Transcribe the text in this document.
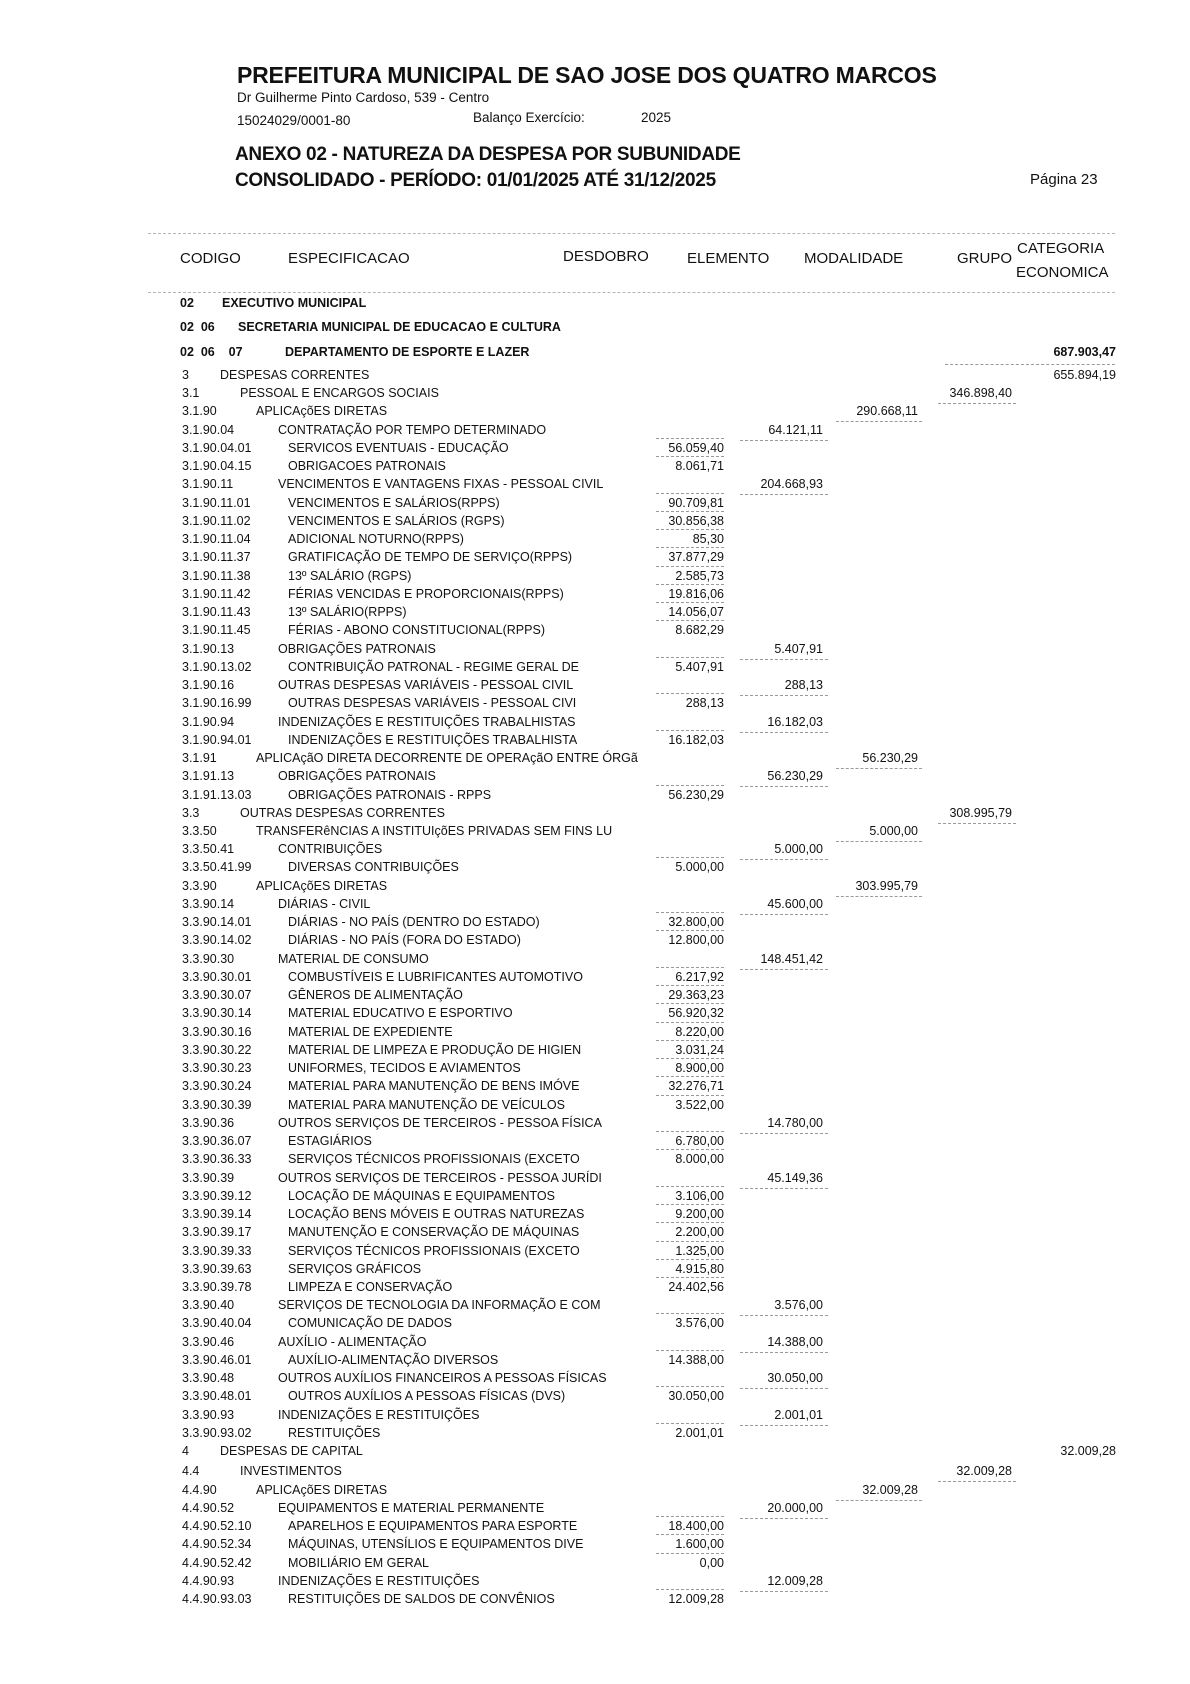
PREFEITURA MUNICIPAL DE SAO JOSE DOS QUATRO MARCOS
Dr Guilherme Pinto Cardoso, 539 - Centro
15024029/0001-80	Balanço Exercício:	2025
ANEXO 02 - NATUREZA DA DESPESA POR SUBUNIDADE
CONSOLIDADO - PERÍODO: 01/01/2025 ATÉ 31/12/2025	Página 23
CODIGO	ESPECIFICACAO	DESDOBRO	ELEMENTO MODALIDADE	GRUPO
CATEGORIA
ECONOMICA
02 EXECUTIVO MUNICIPAL
02  06 SECRETARIA MUNICIPAL DE EDUCACAO E CULTURA
02  06    07	DEPARTAMENTO DE ESPORTE E LAZER	687.903,47
3 DESPESAS CORRENTES	655.894,19
3.1	PESSOAL E ENCARGOS SOCIAIS	346.898,40
3.1.90	APLICAçõES DIRETAS	290.668,11
3.1.90.04	CONTRATAÇÃO POR TEMPO DETERMINADO	64.121,11
3.1.90.04.01	SERVICOS EVENTUAIS - EDUCAÇÃO	56.059,40
3.1.90.04.15	OBRIGACOES PATRONAIS	8.061,71
3.1.90.11	VENCIMENTOS E VANTAGENS FIXAS - PESSOAL CIVIL	204.668,93
3.1.90.11.01	VENCIMENTOS E SALÁRIOS(RPPS)	90.709,81
3.1.90.11.02	VENCIMENTOS E SALÁRIOS (RGPS)	30.856,38
3.1.90.11.04	ADICIONAL NOTURNO(RPPS)	85,30
3.1.90.11.37	GRATIFICAÇÃO DE TEMPO DE SERVIÇO(RPPS)	37.877,29
3.1.90.11.38	13º SALÁRIO (RGPS)	2.585,73
3.1.90.11.42	FÉRIAS VENCIDAS E PROPORCIONAIS(RPPS)	19.816,06
3.1.90.11.43	13º SALÁRIO(RPPS)	14.056,07
3.1.90.11.45	FÉRIAS - ABONO CONSTITUCIONAL(RPPS)	8.682,29
3.1.90.13	OBRIGAÇÕES PATRONAIS	5.407,91
3.1.90.13.02	CONTRIBUIÇÃO PATRONAL - REGIME GERAL DE	5.407,91
3.1.90.16	OUTRAS DESPESAS VARIÁVEIS - PESSOAL CIVIL	288,13
3.1.90.16.99	OUTRAS DESPESAS VARIÁVEIS - PESSOAL CIVI	288,13
3.1.90.94	INDENIZAÇÕES E RESTITUIÇÕES TRABALHISTAS	16.182,03
3.1.90.94.01	INDENIZAÇÕES E RESTITUIÇÕES TRABALHISTA	16.182,03
3.1.91	APLICAçãO DIRETA DECORRENTE DE OPERAçãO ENTRE ÓRGã	56.230,29
3.1.91.13	OBRIGAÇÕES PATRONAIS	56.230,29
3.1.91.13.03	OBRIGAÇÕES PATRONAIS - RPPS	56.230,29
3.3	OUTRAS DESPESAS CORRENTES	308.995,79
3.3.50	TRANSFERêNCIAS A INSTITUIçõES PRIVADAS SEM FINS LU	5.000,00
3.3.50.41	CONTRIBUIÇÕES	5.000,00
3.3.50.41.99	DIVERSAS CONTRIBUIÇÕES	5.000,00
3.3.90	APLICAçõES DIRETAS	303.995,79
3.3.90.14	DIÁRIAS - CIVIL	45.600,00
3.3.90.14.01	DIÁRIAS - NO PAÍS (DENTRO DO ESTADO)	32.800,00
3.3.90.14.02	DIÁRIAS - NO PAÍS (FORA DO ESTADO)	12.800,00
3.3.90.30	MATERIAL DE CONSUMO	148.451,42
3.3.90.30.01	COMBUSTÍVEIS E LUBRIFICANTES AUTOMOTIVO	6.217,92
3.3.90.30.07	GÊNEROS DE ALIMENTAÇÃO	29.363,23
3.3.90.30.14	MATERIAL EDUCATIVO E ESPORTIVO	56.920,32
3.3.90.30.16	MATERIAL DE EXPEDIENTE	8.220,00
3.3.90.30.22	MATERIAL DE LIMPEZA E PRODUÇÃO DE HIGIEN	3.031,24
3.3.90.30.23	UNIFORMES, TECIDOS E AVIAMENTOS	8.900,00
3.3.90.30.24	MATERIAL PARA MANUTENÇÃO DE BENS IMÓVE	32.276,71
3.3.90.30.39	MATERIAL PARA MANUTENÇÃO DE VEÍCULOS	3.522,00
3.3.90.36	OUTROS SERVIÇOS DE TERCEIROS - PESSOA FÍSICA	14.780,00
3.3.90.36.07	ESTAGIÁRIOS	6.780,00
3.3.90.36.33	SERVIÇOS TÉCNICOS PROFISSIONAIS (EXCETO	8.000,00
3.3.90.39	OUTROS SERVIÇOS DE TERCEIROS - PESSOA JURÍDI	45.149,36
3.3.90.39.12	LOCAÇÃO DE MÁQUINAS E EQUIPAMENTOS	3.106,00
3.3.90.39.14	LOCAÇÃO BENS MÓVEIS E OUTRAS NATUREZAS	9.200,00
3.3.90.39.17	MANUTENÇÃO E CONSERVAÇÃO DE MÁQUINAS	2.200,00
3.3.90.39.33	SERVIÇOS TÉCNICOS PROFISSIONAIS (EXCETO	1.325,00
3.3.90.39.63	SERVIÇOS GRÁFICOS	4.915,80
3.3.90.39.78	LIMPEZA E CONSERVAÇÃO	24.402,56
3.3.90.40	SERVIÇOS DE TECNOLOGIA DA INFORMAÇÃO E COM	3.576,00
3.3.90.40.04	COMUNICAÇÃO DE DADOS	3.576,00
3.3.90.46	AUXÍLIO - ALIMENTAÇÃO	14.388,00
3.3.90.46.01	AUXÍLIO-ALIMENTAÇÃO DIVERSOS	14.388,00
3.3.90.48	OUTROS AUXÍLIOS FINANCEIROS A PESSOAS FÍSICAS	30.050,00
3.3.90.48.01	OUTROS AUXÍLIOS A PESSOAS FÍSICAS (DVS)	30.050,00
3.3.90.93	INDENIZAÇÕES E RESTITUIÇÕES	2.001,01
3.3.90.93.02	RESTITUIÇÕES	2.001,01
4 DESPESAS DE CAPITAL	32.009,28
4.4	INVESTIMENTOS	32.009,28
4.4.90	APLICAçõES DIRETAS	32.009,28
4.4.90.52	EQUIPAMENTOS E MATERIAL PERMANENTE	20.000,00
4.4.90.52.10	APARELHOS E EQUIPAMENTOS PARA ESPORTE	18.400,00
4.4.90.52.34	MÁQUINAS, UTENSÍLIOS E EQUIPAMENTOS DIVE	1.600,00
4.4.90.52.42	MOBILIÁRIO EM GERAL	0,00
4.4.90.93	INDENIZAÇÕES E RESTITUIÇÕES	12.009,28
4.4.90.93.03	RESTITUIÇÕES DE SALDOS DE CONVÊNIOS	12.009,28
